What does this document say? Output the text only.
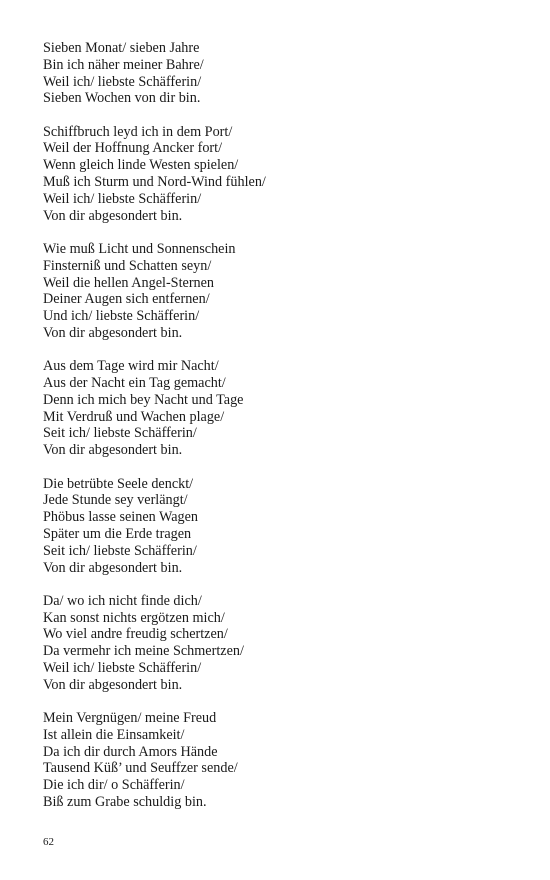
Sieben Monat/ sieben Jahre
Bin ich näher meiner Bahre/
Weil ich/ liebste Schäfferin/
Sieben Wochen von dir bin.
Schiffbruch leyd ich in dem Port/
Weil der Hoffnung Ancker fort/
Wenn gleich linde Westen spielen/
Muß ich Sturm und Nord-Wind fühlen/
Weil ich/ liebste Schäfferin/
Von dir abgesondert bin.
Wie muß Licht und Sonnenschein
Finsterniß und Schatten seyn/
Weil die hellen Angel-Sternen
Deiner Augen sich entfernen/
Und ich/ liebste Schäfferin/
Von dir abgesondert bin.
Aus dem Tage wird mir Nacht/
Aus der Nacht ein Tag gemacht/
Denn ich mich bey Nacht und Tage
Mit Verdruß und Wachen plage/
Seit ich/ liebste Schäfferin/
Von dir abgesondert bin.
Die betrübte Seele denckt/
Jede Stunde sey verlängt/
Phöbus lasse seinen Wagen
Später um die Erde tragen
Seit ich/ liebste Schäfferin/
Von dir abgesondert bin.
Da/ wo ich nicht finde dich/
Kan sonst nichts ergötzen mich/
Wo viel andre freudig schertzen/
Da vermehr ich meine Schmertzen/
Weil ich/ liebste Schäfferin/
Von dir abgesondert bin.
Mein Vergnügen/ meine Freud
Ist allein die Einsamkeit/
Da ich dir durch Amors Hände
Tausend Küß’ und Seuffzer sende/
Die ich dir/ o Schäfferin/
Biß zum Grabe schuldig bin.
62
